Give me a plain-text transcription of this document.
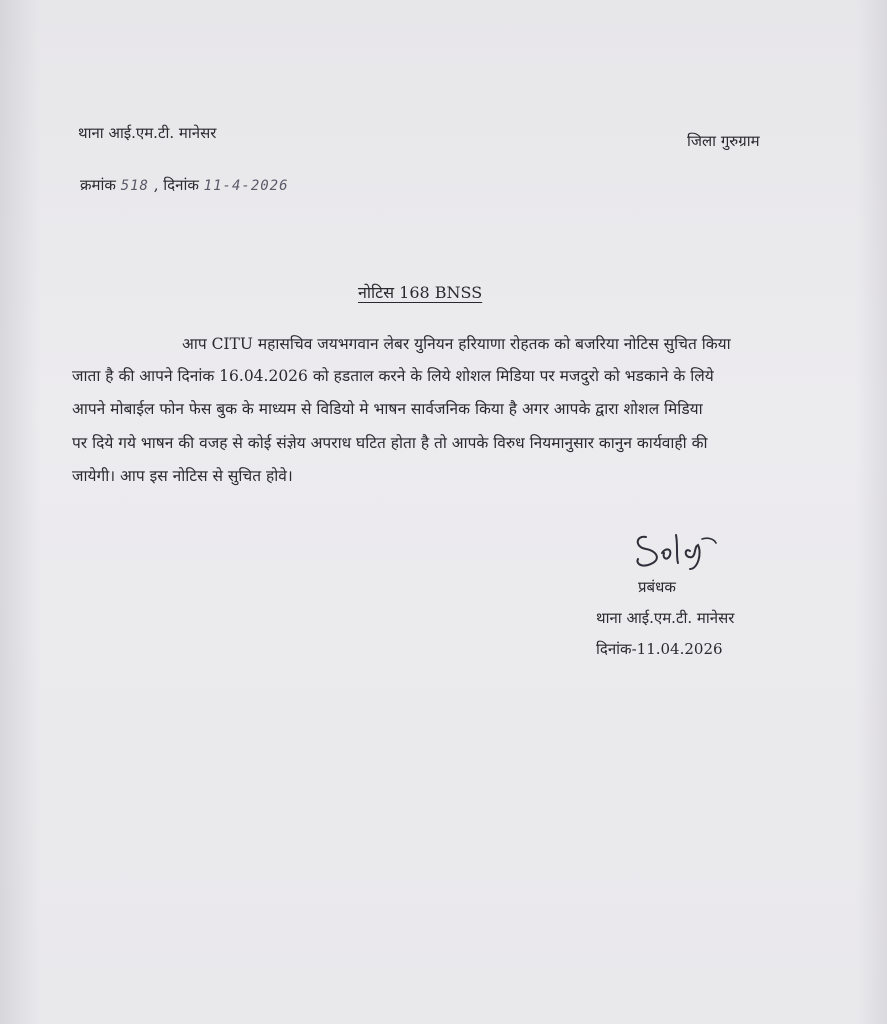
थाना आई.एम.टी. मानेसर	जिला गुरुग्राम
क्रमांक 518 , दिनांक 11-4-2026
नोटिस 168 BNSS
आप CITU महासचिव जयभगवान लेबर युनियन हरियाणा रोहतक को बजरिया नोटिस सुचित किया
जाता है की आपने दिनांक 16.04.2026 को हडताल करने के लिये शोशल मिडिया पर मजदुरो को भडकाने के लिये
आपने मोबाईल फोन फेस बुक के माध्यम से विडियो मे भाषन सार्वजनिक किया है अगर आपके द्वारा शोशल मिडिया
पर दिये गये भाषन की वजह से कोई संज्ञेय अपराध घटित होता है तो आपके विरुध नियमानुसार कानुन कार्यवाही की
जायेगी। आप इस नोटिस से सुचित होवे।
प्रबंधक
थाना आई.एम.टी. मानेसर
दिनांक-11.04.2026
